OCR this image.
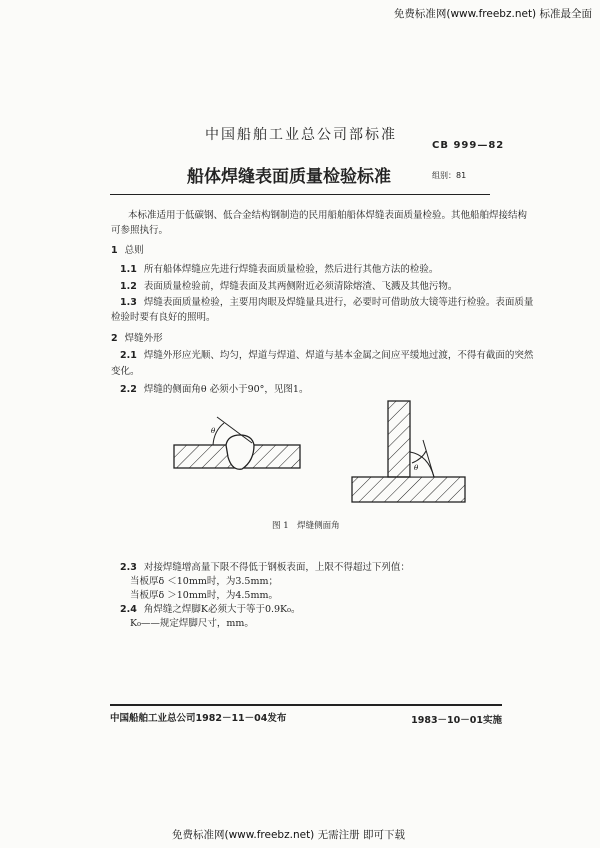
免费标准网(www.freebz.net) 标准最全面
中国船舶工业总公司部标准
CB 999—82
船体焊缝表面质量检验标准	组别：81
本标准适用于低碳钢、低合金结构钢制造的民用船舶船体焊缝表面质量检验。其他船舶焊接结构
可参照执行。
1 总则
1.1 所有船体焊缝应先进行焊缝表面质量检验，然后进行其他方法的检验。
1.2 表面质量检验前，焊缝表面及其两侧附近必须清除熔渣、飞溅及其他污物。
1.3 焊缝表面质量检验，主要用肉眼及焊缝量具进行，必要时可借助放大镜等进行检验。表面质量
检验时要有良好的照明。
2 焊缝外形
2.1 焊缝外形应光顺、均匀，焊道与焊道、焊道与基本金属之间应平缓地过渡，不得有截面的突然
变化。
2.2 焊缝的侧面角θ 必须小于90°，见图1。
θ
θ
图 1　焊缝侧面角
2.3 对接焊缝增高量下限不得低于钢板表面，上限不得超过下列值：
当板厚δ ＜10mm时，为3.5mm；
当板厚δ ＞10mm时，为4.5mm。
2.4 角焊缝之焊脚K必须大于等于0.9K₀。
K₀——规定焊脚尺寸，mm。
中国船舶工业总公司1982－11－04发布	1983－10－01实施
免费标准网(www.freebz.net) 无需注册 即可下载
